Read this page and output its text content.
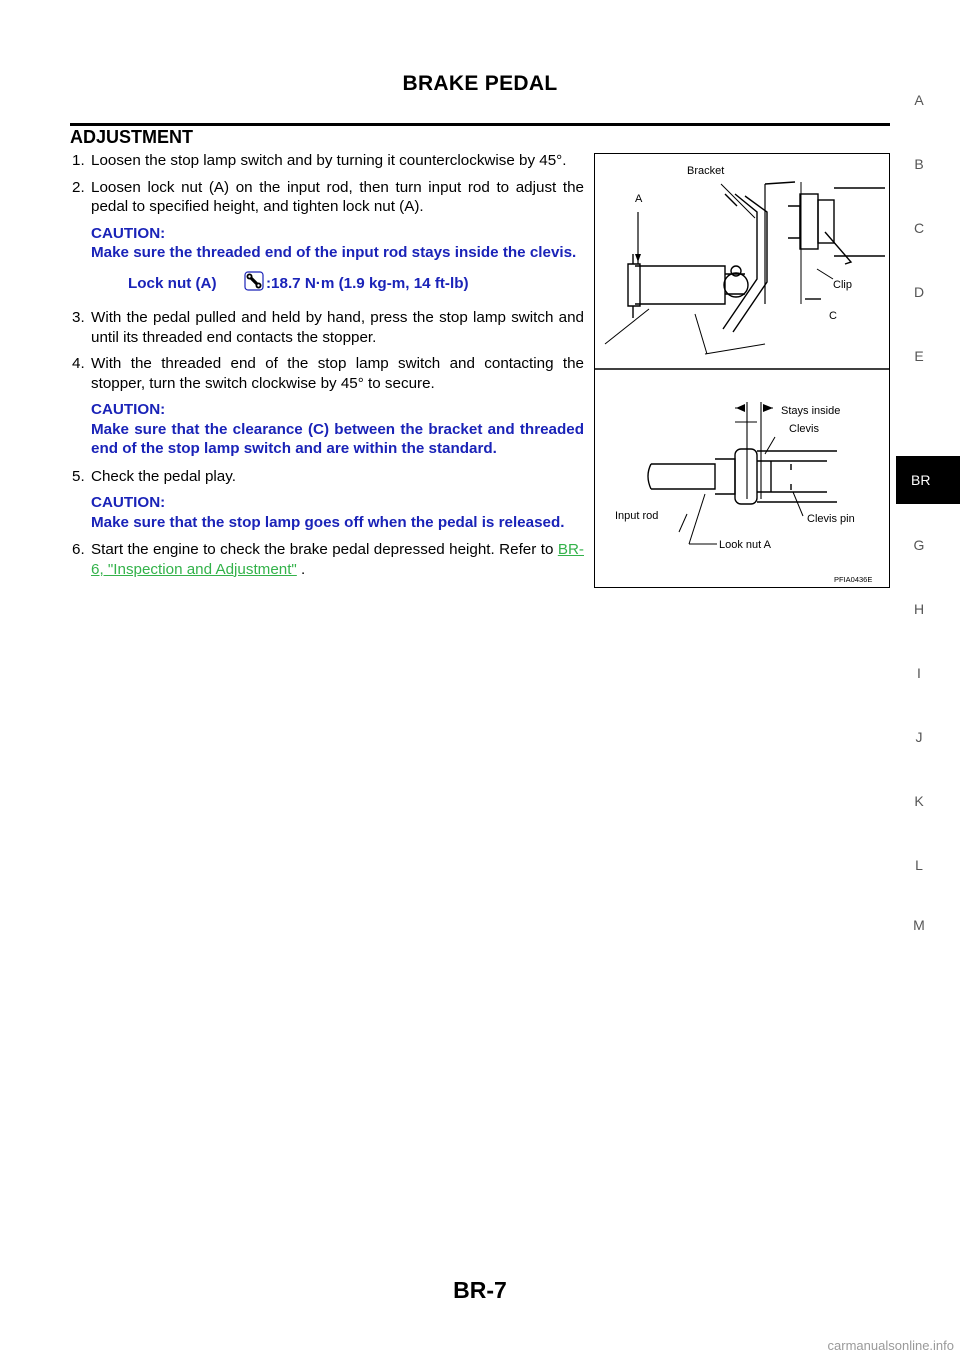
BRAKE PEDAL
ADJUSTMENT
1. Loosen the stop lamp switch and by turning it counterclockwise by 45°.
2. Loosen lock nut (A) on the input rod, then turn input rod to adjust the pedal to specified height, and tighten lock nut (A).
CAUTION:
Make sure the threaded end of the input rod stays inside the clevis.
Lock nut (A)	:18.7 N·m (1.9 kg-m, 14 ft-lb)
3. With the pedal pulled and held by hand, press the stop lamp switch and until its threaded end contacts the stopper.
4. With the threaded end of the stop lamp switch and contacting the stopper, turn the switch clockwise by 45° to secure.
CAUTION:
Make sure that the clearance (C) between the bracket and threaded end of the stop lamp switch and are within the standard.
5. Check the pedal play.
CAUTION:
Make sure that the stop lamp goes off when the pedal is released.
6. Start the engine to check the brake pedal depressed height. Refer to BR-6, "Inspection and Adjustment" .
Bracket
A
Clip
C
Stays inside
Clevis
Input rod	Clevis pin
Look nut A
PFIA0436E
A
B
C
D
E
BR
G
H
I
J
K
L
M
BR-7
carmanualsonline.info
